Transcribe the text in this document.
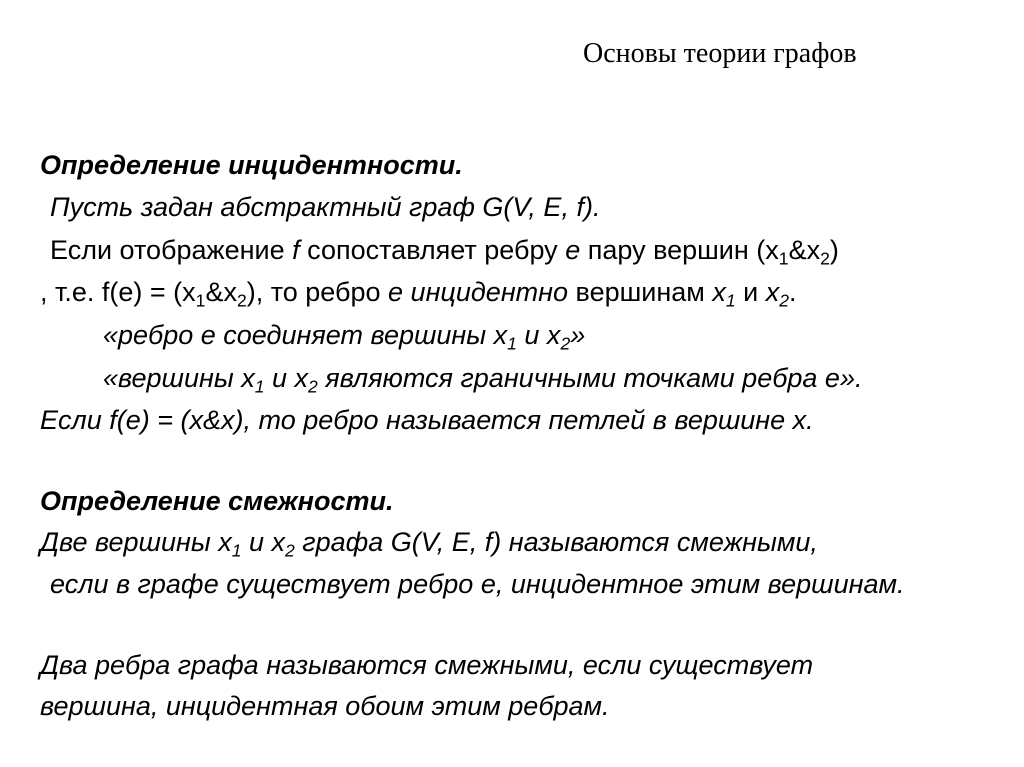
Основы теории графов
Определение инцидентности.
Пусть задан абстрактный граф G(V, E, f).
Если отображение f сопоставляет ребру e пару вершин $(x_1\&x_2)$
, т.е. $f(e) = (x_1\&x_2)$, то ребро e инцидентно вершинам $x_1$ и $x_2$.
«ребро е соединяет вершины $х_1$ и $х_2$»
«вершины $х_1$ и $х_2$ являются граничными точками ребра е».
Если f(e) = (x&x), то ребро называется петлей в вершине x.
Определение смежности.
Две вершины $x_1$ и $x_2$ графа G(V, E, f) называются смежными,
если в графе существует ребро е, инцидентное этим вершинам.
Два ребра графа называются смежными, если существует
вершина, инцидентная обоим этим ребрам.
